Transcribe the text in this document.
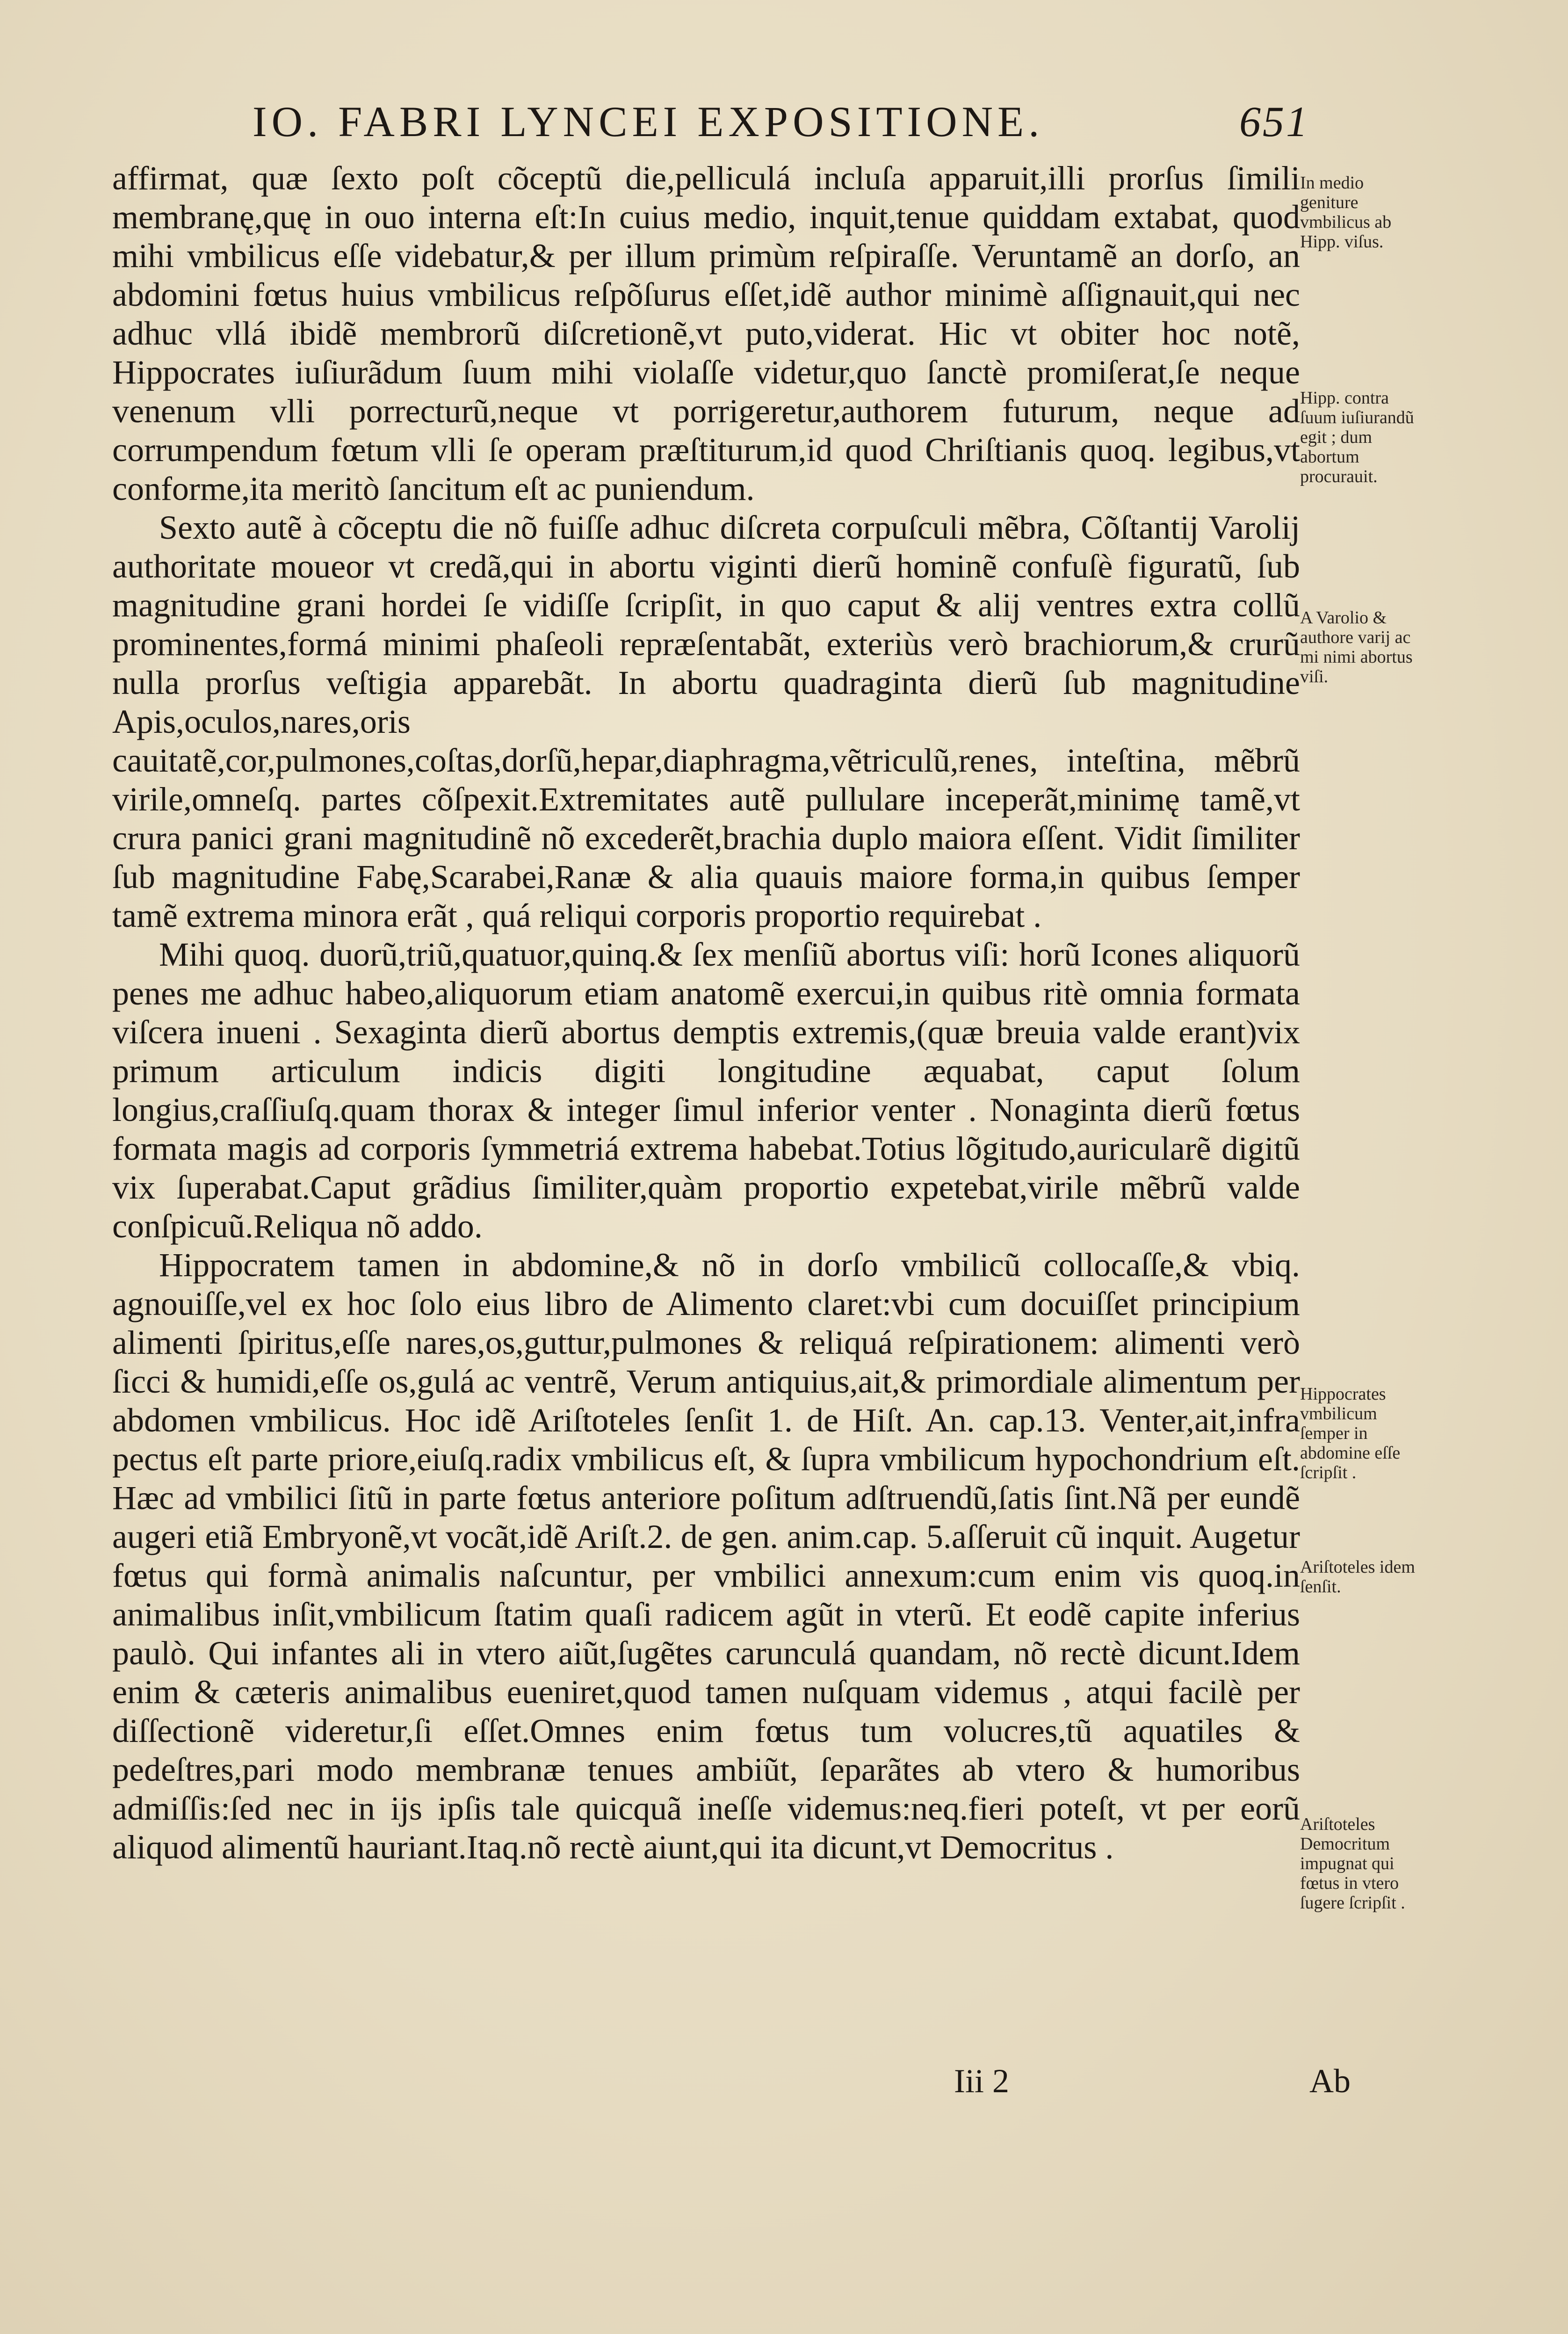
IO. FABRI LYNCEI EXPOSITIONE.	651

affirmat, quæ ſexto poſt cõceptũ die,pelliculá incluſa apparuit,illi prorſus ſimili membranę,quę in ouo interna eſt:In cuius medio, inquit,tenue quiddam extabat, quod mihi vmbilicus eſſe videbatur,& per illum primùm reſpiraſſe. Veruntamẽ an dorſo, an abdomini fœtus huius vmbilicus reſpõſurus eſſet,idẽ author minimè aſſignauit,qui nec adhuc vllá ibidẽ membrorũ diſcretionẽ,vt puto,viderat. Hic vt obiter hoc notẽ, Hippocrates iuſiurãdum ſuum mihi violaſſe videtur,quo ſanctè promiſerat,ſe neque venenum vlli porrecturũ,neque vt porrigeretur,authorem futurum, neque ad corrumpendum fœtum vlli ſe operam præſtiturum,id quod Chriſtianis quoq. legibus,vt conforme,ita meritò ſancitum eſt ac puniendum.

Sexto autẽ à cõceptu die nõ fuiſſe adhuc diſcreta corpuſculi mẽbra, Cõſtantij Varolij authoritate moueor vt credã,qui in abortu viginti dierũ hominẽ confuſè figuratũ, ſub magnitudine grani hordei ſe vidiſſe ſcripſit, in quo caput & alij ventres extra collũ prominentes,formá minimi phaſeoli repræſentabãt, exteriùs verò brachiorum,& crurũ nulla prorſus veſtigia apparebãt. In abortu quadraginta dierũ ſub magnitudine Apis,oculos,nares,oris cauitatẽ,cor,pulmones,coſtas,dorſũ,hepar,diaphragma,vẽtriculũ,renes, inteſtina, mẽbrũ virile,omneſq. partes cõſpexit.Extremitates autẽ pullulare inceperãt,minimę tamẽ,vt crura panici grani magnitudinẽ nõ excederẽt,brachia duplo maiora eſſent. Vidit ſimiliter ſub magnitudine Fabę,Scarabei,Ranæ & alia quauis maiore forma,in quibus ſemper tamẽ extrema minora erãt , quá reliqui corporis proportio requirebat .

Mihi quoq. duorũ,triũ,quatuor,quinq.& ſex menſiũ abortus viſi: horũ Icones aliquorũ penes me adhuc habeo,aliquorum etiam anatomẽ exercui,in quibus ritè omnia formata viſcera inueni . Sexaginta dierũ abortus demptis extremis,(quæ breuia valde erant)vix primum articulum indicis digiti longitudine æquabat, caput ſolum longius,craſſiuſq.quam thorax & integer ſimul inferior venter . Nonaginta dierũ fœtus formata magis ad corporis ſymmetriá extrema habebat.Totius lõgitudo,auricularẽ digitũ vix ſuperabat.Caput grãdius ſimiliter,quàm proportio expetebat,virile mẽbrũ valde conſpicuũ.Reliqua nõ addo.

Hippocratem tamen in abdomine,& nõ in dorſo vmbilicũ collocaſſe,& vbiq. agnouiſſe,vel ex hoc ſolo eius libro de Alimento claret:vbi cum docuiſſet principium alimenti ſpiritus,eſſe nares,os,guttur,pulmones & reliquá reſpirationem: alimenti verò ſicci & humidi,eſſe os,gulá ac ventrẽ, Verum antiquius,ait,& primordiale alimentum per abdomen vmbilicus. Hoc idẽ Ariſtoteles ſenſit 1. de Hiſt. An. cap.13. Venter,ait,infra pectus eſt parte priore,eiuſq.radix vmbilicus eſt, & ſupra vmbilicum hypochondrium eſt. Hæc ad vmbilici ſitũ in parte fœtus anteriore poſitum adſtruendũ,ſatis ſint.Nã per eundẽ augeri etiã Embryonẽ,vt vocãt,idẽ Ariſt.2. de gen. anim.cap. 5.aſſeruit cũ inquit. Augetur fœtus qui formà animalis naſcuntur, per vmbilici annexum:cum enim vis quoq.in animalibus inſit,vmbilicum ſtatim quaſi radicem agũt in vterũ. Et eodẽ capite inferius paulò. Qui infantes ali in vtero aiũt,ſugẽtes carunculá quandam, nõ rectè dicunt.Idem enim & cæteris animalibus eueniret,quod tamen nuſquam videmus , atqui facilè per diſſectionẽ videretur,ſi eſſet.Omnes enim fœtus tum volucres,tũ aquatiles & pedeſtres,pari modo membranæ tenues ambiũt, ſeparãtes ab vtero & humoribus admiſſis:ſed nec in ijs ipſis tale quicquã ineſſe videmus:neq.fieri poteſt, vt per eorũ aliquod alimentũ hauriant.Itaq.nõ rectè aiunt,qui ita dicunt,vt Democritus .

In medio geniture vmbilicus ab Hipp. viſus.
Hipp. contra ſuum iuſiurandũ egit ; dum abortum procurauit.
A Varolio & authore varij ac mi nimi abortus viſi.
Hippocrates vmbilicum ſemper in abdomine eſſe ſcripſit .
Ariſtoteles idem ſenſit.
Ariſtoteles Democritum impugnat qui fœtus in vtero ſugere ſcripſit .
Iii 2	Ab
